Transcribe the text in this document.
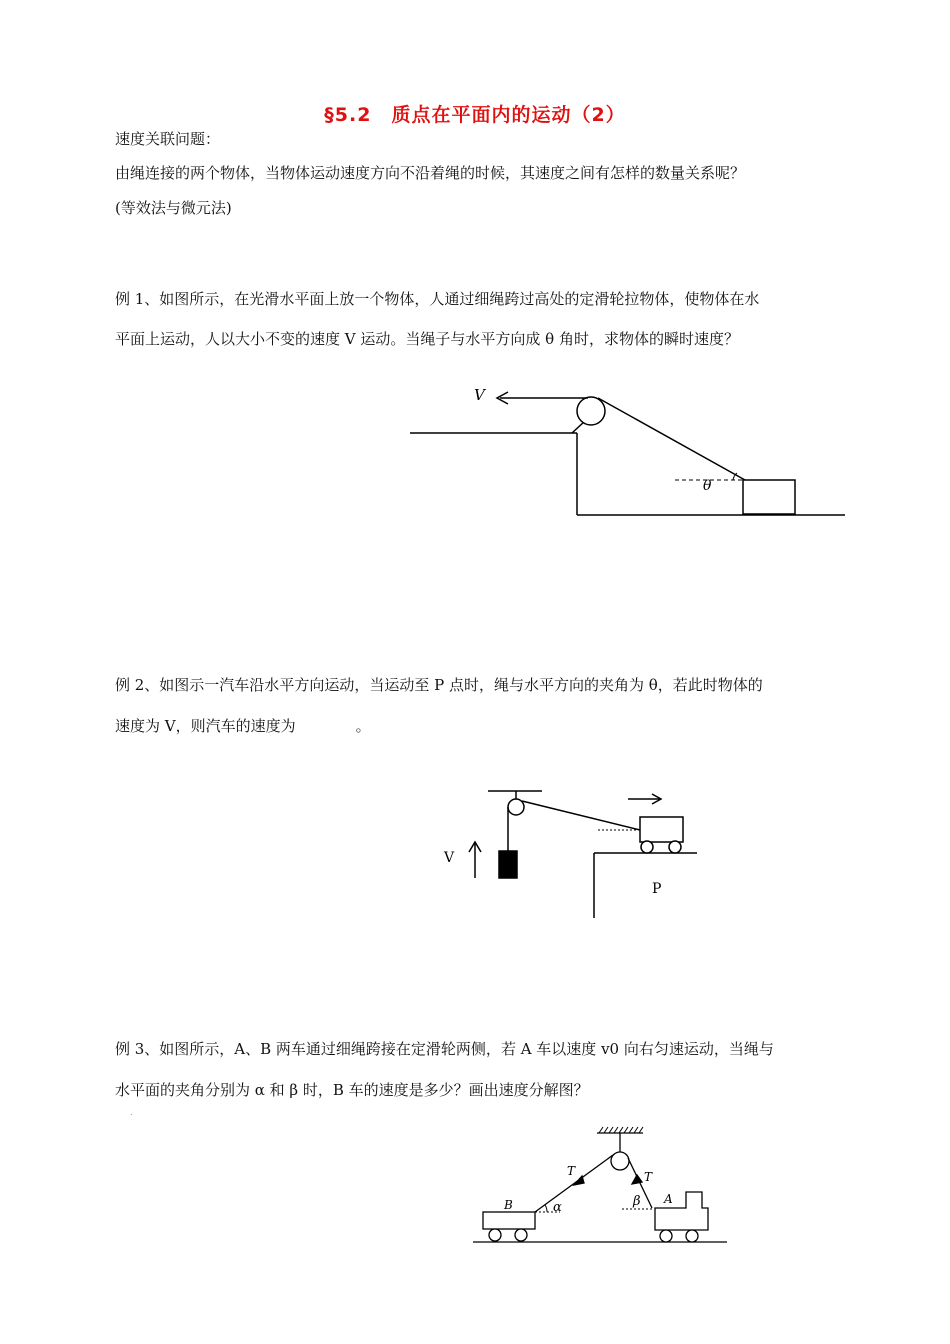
§5.2　质点在平面内的运动（2）
速度关联问题：
由绳连接的两个物体，当物体运动速度方向不沿着绳的时候，其速度之间有怎样的数量关系呢？
(等效法与微元法)
例 1、如图所示，在光滑水平面上放一个物体，人通过细绳跨过高处的定滑轮拉物体，使物体在水
平面上运动，人以大小不变的速度 V 运动。当绳子与水平方向成 θ 角时，求物体的瞬时速度？
例 2、如图示一汽车沿水平方向运动，当运动至 P 点时，绳与水平方向的夹角为 θ，若此时物体的
速度为 V，则汽车的速度为　　　　。
例 3、如图所示，A、B 两车通过细绳跨接在定滑轮两侧，若 A 车以速度 v0 向右匀速运动，当绳与
水平面的夹角分别为 α 和 β 时，B 车的速度是多少？画出速度分解图？
.
V
θ
V
P
T	T
α	β
B	A
